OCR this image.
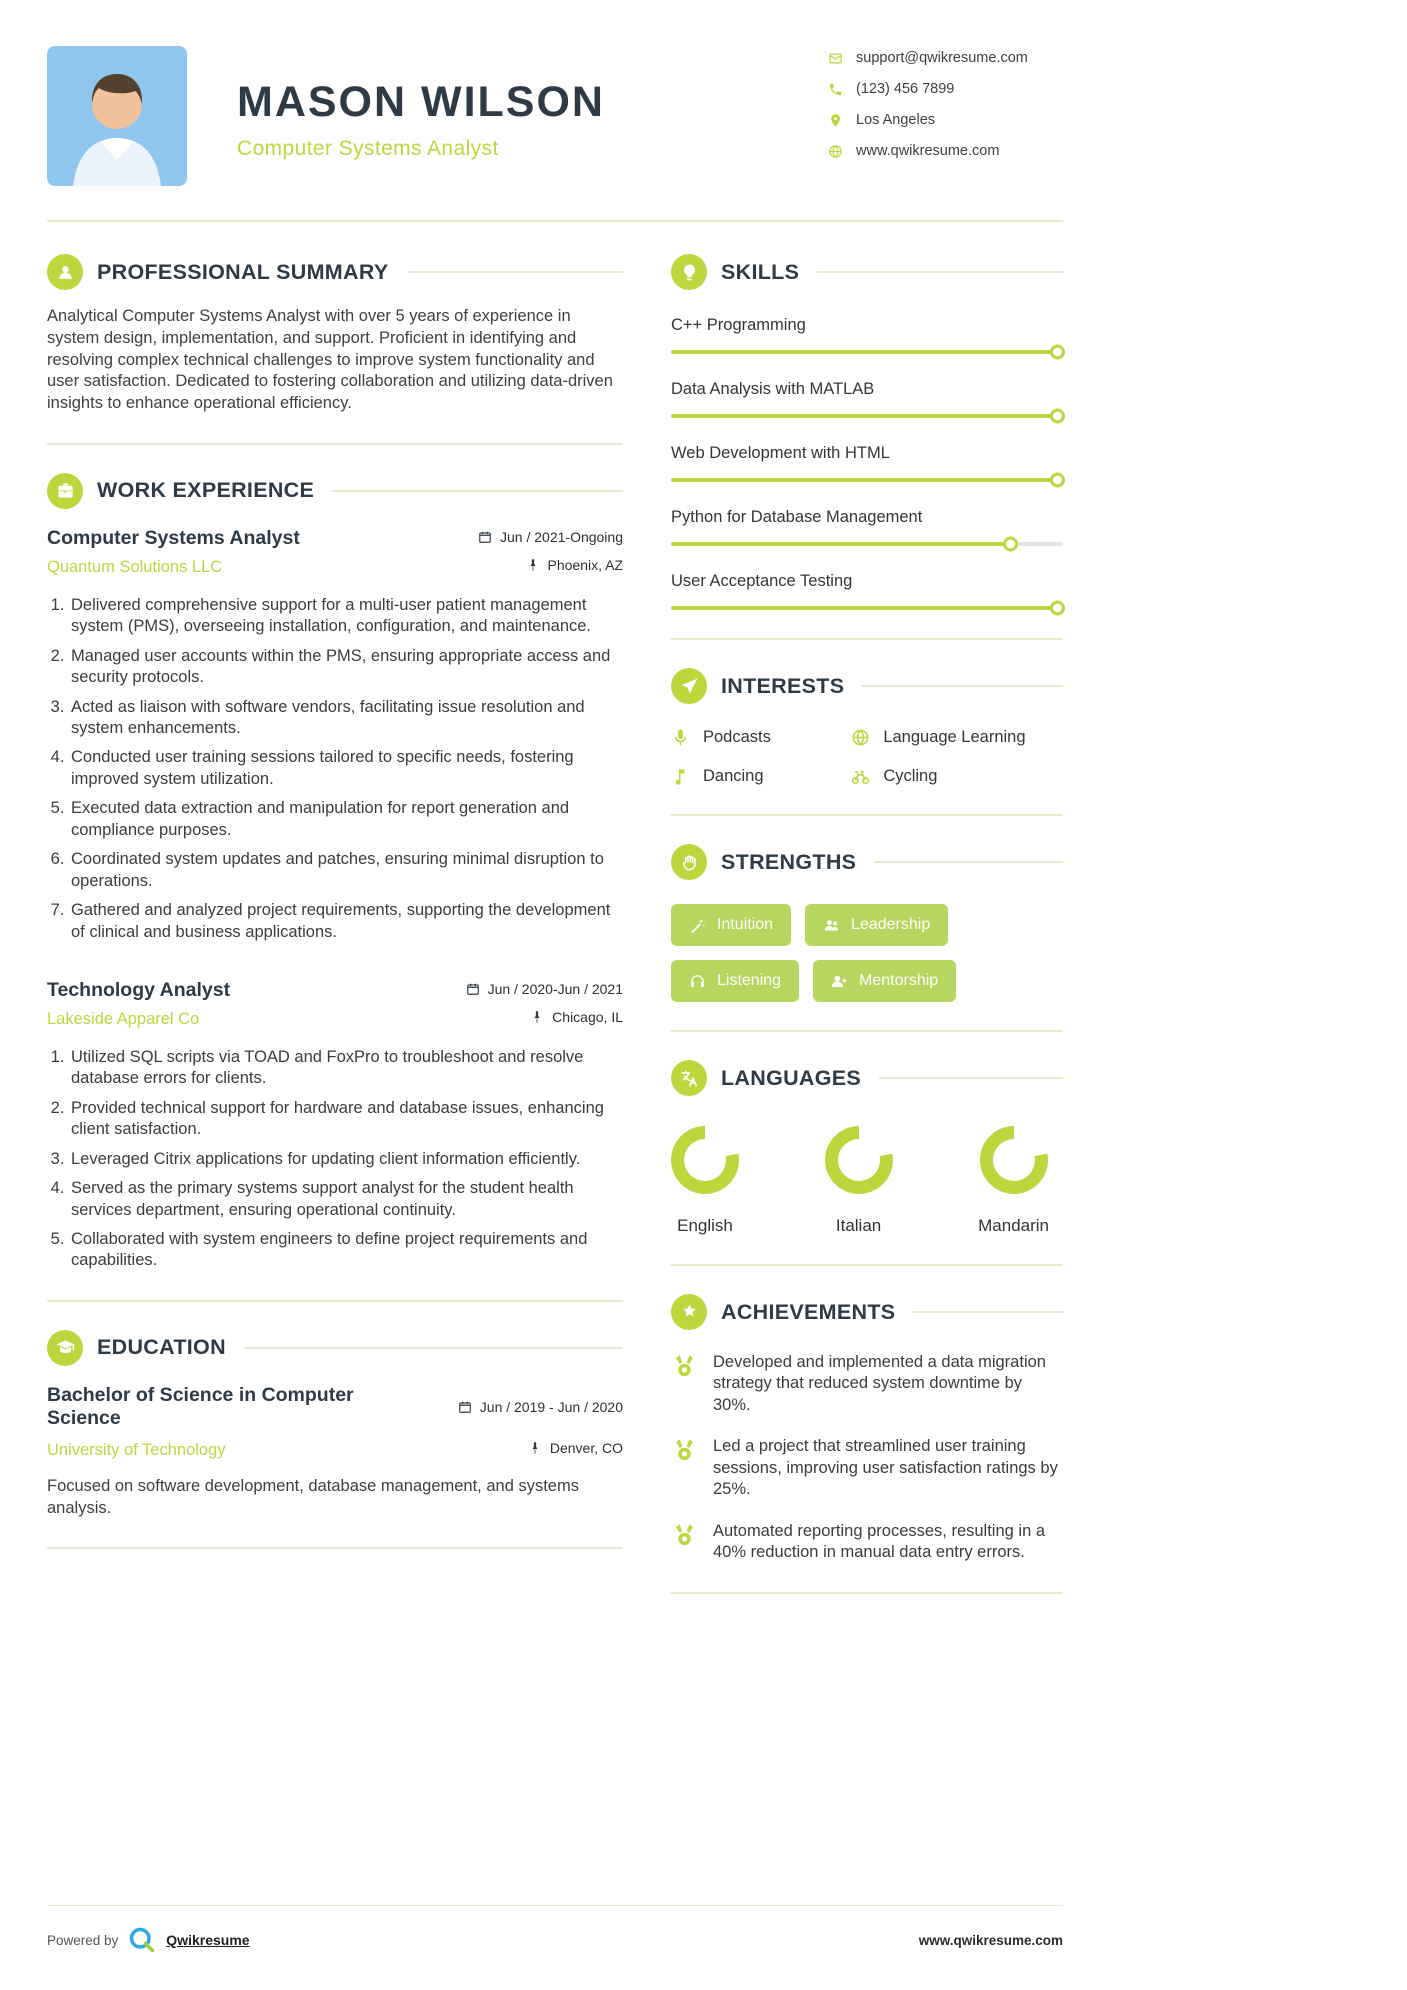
MASON WILSON
Computer Systems Analyst
support@qwikresume.com
(123) 456 7899
Los Angeles
www.qwikresume.com
PROFESSIONAL SUMMARY

Analytical Computer Systems Analyst with over 5 years of experience in system design, implementation, and support. Proficient in identifying and resolving complex technical challenges to improve system functionality and user satisfaction. Dedicated to fostering collaboration and utilizing data-driven insights to enhance operational efficiency.

WORK EXPERIENCE
Computer Systems Analyst	Jun / 2021-Ongoing
Quantum Solutions LLC	Phoenix, AZ
1. Delivered comprehensive support for a multi-user patient management system (PMS), overseeing installation, configuration, and maintenance.
2. Managed user accounts within the PMS, ensuring appropriate access and security protocols.
3. Acted as liaison with software vendors, facilitating issue resolution and system enhancements.
4. Conducted user training sessions tailored to specific needs, fostering improved system utilization.
5. Executed data extraction and manipulation for report generation and compliance purposes.
6. Coordinated system updates and patches, ensuring minimal disruption to operations.
7. Gathered and analyzed project requirements, supporting the development of clinical and business applications.
Technology Analyst	Jun / 2020-Jun / 2021
Lakeside Apparel Co	Chicago, IL
1. Utilized SQL scripts via TOAD and FoxPro to troubleshoot and resolve database errors for clients.
2. Provided technical support for hardware and database issues, enhancing client satisfaction.
3. Leveraged Citrix applications for updating client information efficiently.
4. Served as the primary systems support analyst for the student health services department, ensuring operational continuity.
5. Collaborated with system engineers to define project requirements and capabilities.
EDUCATION
Bachelor of Science in Computer Science	Jun / 2019 - Jun / 2020
University of Technology	Denver, CO

Focused on software development, database management, and systems analysis.

SKILLS
C++ Programming
Data Analysis with MATLAB
Web Development with HTML
Python for Database Management
User Acceptance Testing
INTERESTS
Podcasts	Language Learning
Dancing	Cycling
STRENGTHS
Intuition	Leadership
Listening	Mentorship
LANGUAGES
English	Italian	Mandarin
ACHIEVEMENTS
Developed and implemented a data migration strategy that reduced system downtime by 30%.
Led a project that streamlined user training sessions, improving user satisfaction ratings by 25%.
Automated reporting processes, resulting in a 40% reduction in manual data entry errors.
Powered by	Qwikresume	www.qwikresume.com
